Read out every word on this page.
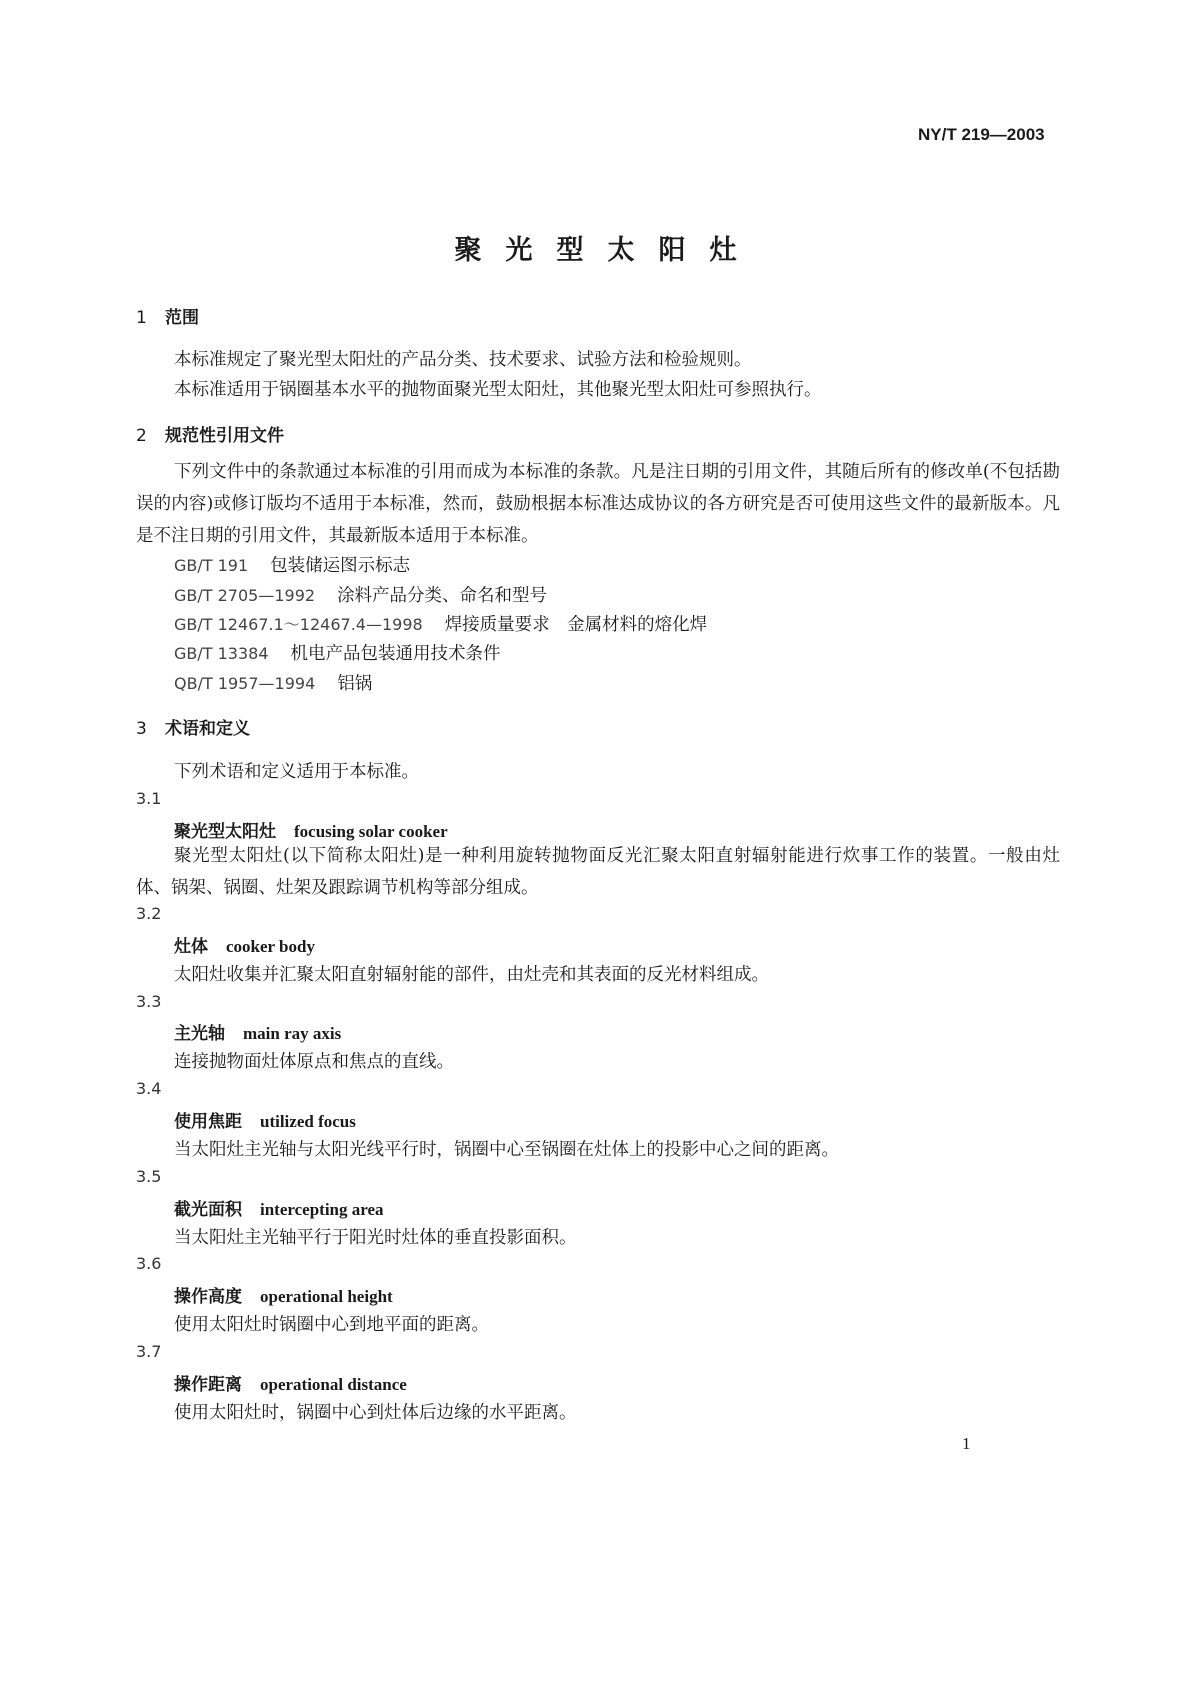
NY/T 219—2003
聚光型太阳灶
1 范围
本标准规定了聚光型太阳灶的产品分类、技术要求、试验方法和检验规则。
本标准适用于锅圈基本水平的抛物面聚光型太阳灶，其他聚光型太阳灶可参照执行。
2 规范性引用文件
下列文件中的条款通过本标准的引用而成为本标准的条款。凡是注日期的引用文件，其随后所有的修改单(不包括勘误的内容)或修订版均不适用于本标准，然而，鼓励根据本标准达成协议的各方研究是否可使用这些文件的最新版本。凡是不注日期的引用文件，其最新版本适用于本标准。
GB/T 191 包装储运图示标志
GB/T 2705—1992 涂料产品分类、命名和型号
GB/T 12467.1～12467.4—1998 焊接质量要求　金属材料的熔化焊
GB/T 13384 机电产品包装通用技术条件
QB/T 1957—1994 铝锅
3 术语和定义
下列术语和定义适用于本标准。
3.1
聚光型太阳灶 focusing solar cooker
聚光型太阳灶(以下简称太阳灶)是一种利用旋转抛物面反光汇聚太阳直射辐射能进行炊事工作的装置。一般由灶体、锅架、锅圈、灶架及跟踪调节机构等部分组成。
3.2
灶体 cooker body
太阳灶收集并汇聚太阳直射辐射能的部件，由灶壳和其表面的反光材料组成。
3.3
主光轴 main ray axis
连接抛物面灶体原点和焦点的直线。
3.4
使用焦距 utilized focus
当太阳灶主光轴与太阳光线平行时，锅圈中心至锅圈在灶体上的投影中心之间的距离。
3.5
截光面积 intercepting area
当太阳灶主光轴平行于阳光时灶体的垂直投影面积。
3.6
操作高度 operational height
使用太阳灶时锅圈中心到地平面的距离。
3.7
操作距离 operational distance
使用太阳灶时，锅圈中心到灶体后边缘的水平距离。
1
